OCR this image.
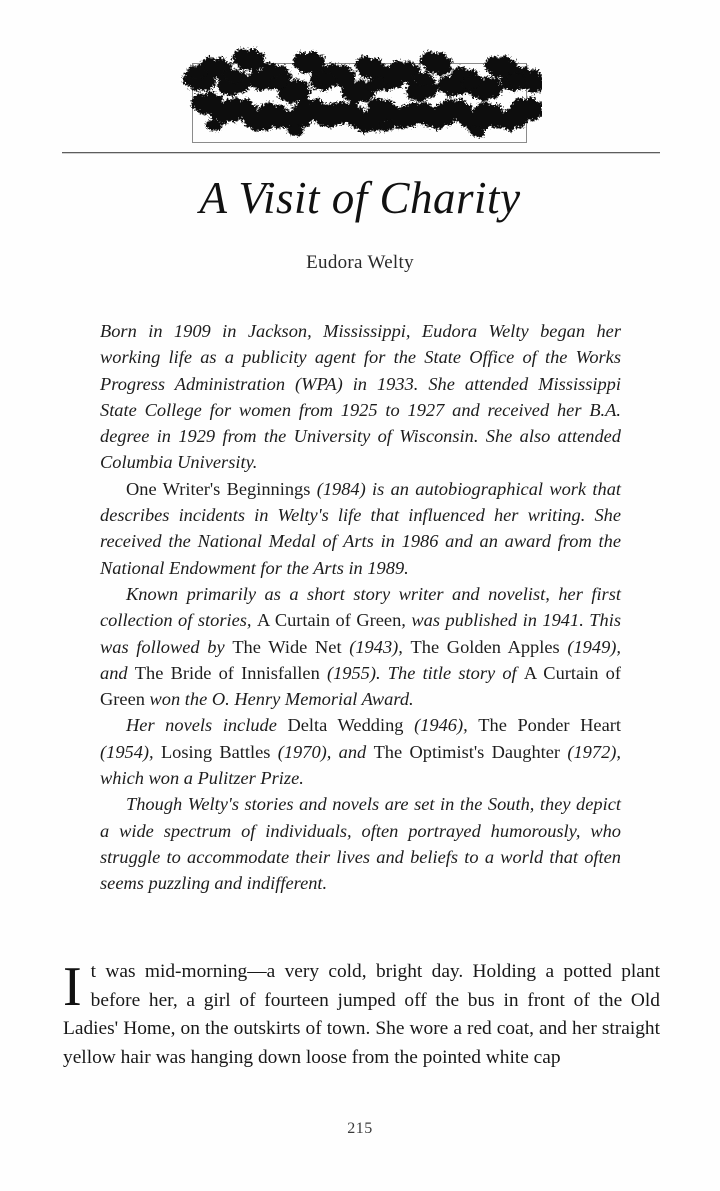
A Visit of Charity
Eudora Welty

Born in 1909 in Jackson, Mississippi, Eudora Welty began her working life as a publicity agent for the State Office of the Works Progress Administration (WPA) in 1933. She attended Mississippi State College for women from 1925 to 1927 and received her B.A. degree in 1929 from the University of Wisconsin. She also attended Columbia University.

One Writer's Beginnings (1984) is an autobiographical work that describes incidents in Welty's life that influenced her writing. She received the National Medal of Arts in 1986 and an award from the National Endowment for the Arts in 1989.

Known primarily as a short story writer and novelist, her first collection of stories, A Curtain of Green, was published in 1941. This was followed by The Wide Net (1943), The Golden Apples (1949), and The Bride of Innisfallen (1955). The title story of A Curtain of Green won the O. Henry Memorial Award.

Her novels include Delta Wedding (1946), The Ponder Heart (1954), Losing Battles (1970), and The Optimist's Daughter (1972), which won a Pulitzer Prize.

Though Welty's stories and novels are set in the South, they depict a wide spectrum of individuals, often portrayed humorously, who struggle to accommodate their lives and beliefs to a world that often seems puzzling and indifferent.

It was mid-morning—a very cold, bright day. Holding a potted plant before her, a girl of fourteen jumped off the bus in front of the Old Ladies' Home, on the outskirts of town. She wore a red coat, and her straight yellow hair was hanging down loose from the pointed white cap

215
